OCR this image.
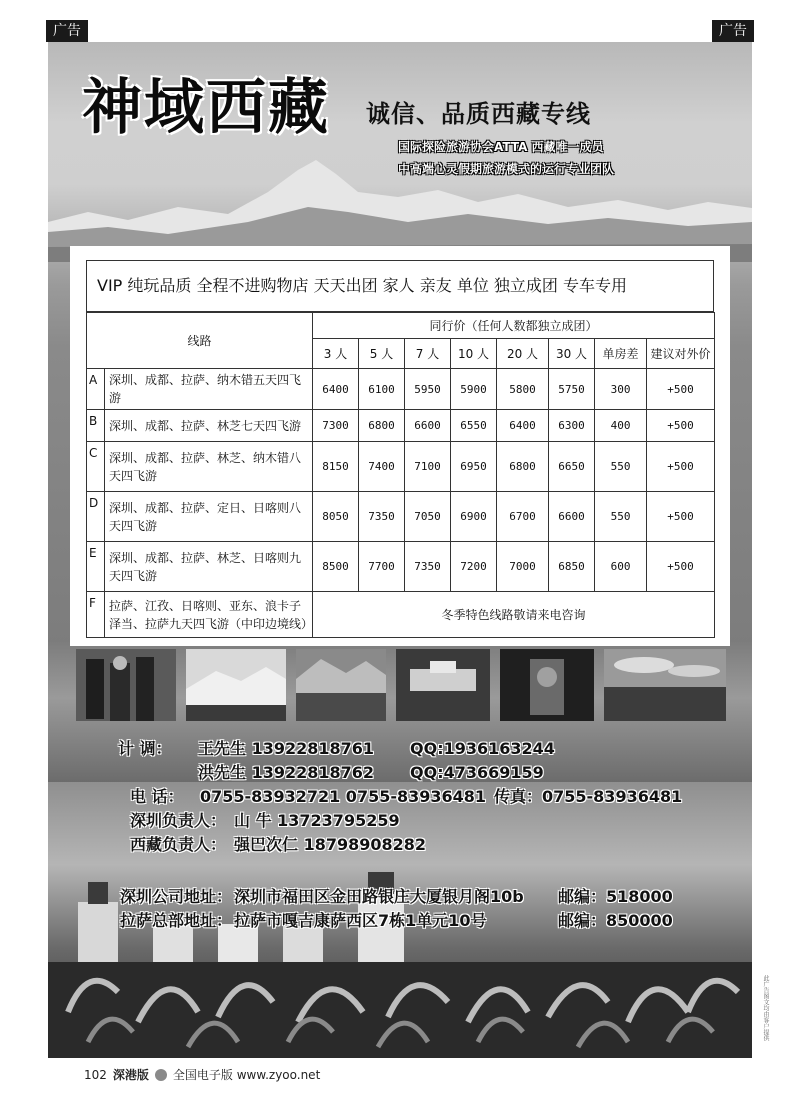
广告	广告
神域西藏 诚信、品质西藏专线
国际探险旅游协会ATTA 西藏唯一成员
中高端心灵假期旅游模式的运行专业团队
VIP 纯玩品质 全程不进购物店 天天出团 家人 亲友 单位 独立成团 专车专用
线路		同行价（任何人数都独立成团）							
		3 人	5 人	7 人	10 人	20 人	30 人	单房差	建议对外价
A	深圳、成都、拉萨、纳木错五天四飞游	6400	6100	5950	5900	5800	5750	300	+500
B	深圳、成都、拉萨、林芝七天四飞游	7300	6800	6600	6550	6400	6300	400	+500
C	深圳、成都、拉萨、林芝、纳木错八天四飞游	8150	7400	7100	6950	6800	6650	550	+500
D	深圳、成都、拉萨、定日、日喀则八天四飞游	8050	7350	7050	6900	6700	6600	550	+500
E	深圳、成都、拉萨、林芝、日喀则九天四飞游	8500	7700	7350	7200	7000	6850	600	+500
F	拉萨、江孜、日喀则、亚东、浪卡子泽当、拉萨九天四飞游（中印边境线）	冬季特色线路敬请来电咨询							
计 调： 王先生 13922818761 QQ:1936163244
洪先生 13922818762 QQ:473669159
电 话： 0755-83932721 0755-83936481 传真：0755-83936481
深圳负责人： 山 牛 13723795259
西藏负责人： 强巴次仁 18798908282
深圳公司地址： 深圳市福田区金田路银庄大厦银月阁10b 邮编：518000
拉萨总部地址： 拉萨市嘎吉康萨西区7栋1单元10号	邮编：850000
102 深港版 全国电子版 www.zyoo.net
此广告图文均由客户提供
